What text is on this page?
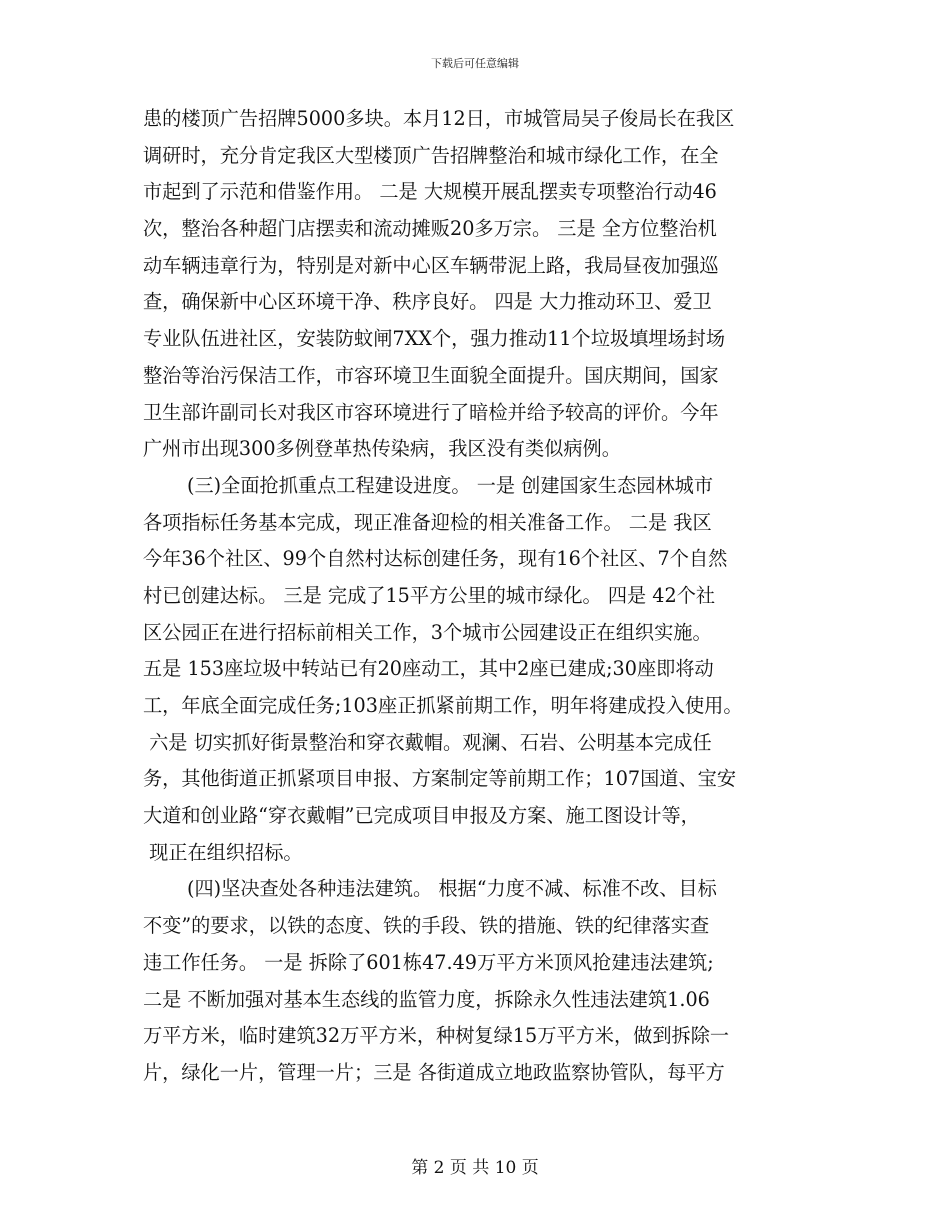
下载后可任意编辑
患的楼顶广告招牌5000多块。本月12日，市城管局吴子俊局长在我区
调研时，充分肯定我区大型楼顶广告招牌整治和城市绿化工作，在全
市起到了示范和借鉴作用。 二是 大规模开展乱摆卖专项整治行动46
次，整治各种超门店摆卖和流动摊贩20多万宗。 三是 全方位整治机
动车辆违章行为，特别是对新中心区车辆带泥上路，我局昼夜加强巡
查，确保新中心区环境干净、秩序良好。 四是 大力推动环卫、爱卫
专业队伍进社区，安装防蚊闸7XX个，强力推动11个垃圾填埋场封场
整治等治污保洁工作，市容环境卫生面貌全面提升。国庆期间，国家
卫生部许副司长对我区市容环境进行了暗检并给予较高的评价。今年
广州市出现300多例登革热传染病，我区没有类似病例。
(三)全面抢抓重点工程建设进度。 一是 创建国家生态园林城市
各项指标任务基本完成，现正准备迎检的相关准备工作。 二是 我区
今年36个社区、99个自然村达标创建任务，现有16个社区、7个自然
村已创建达标。 三是 完成了15平方公里的城市绿化。 四是 42个社
区公园正在进行招标前相关工作，3个城市公园建设正在组织实施。
五是 153座垃圾中转站已有20座动工，其中2座已建成;30座即将动
工，年底全面完成任务;103座正抓紧前期工作，明年将建成投入使用。
六是 切实抓好街景整治和穿衣戴帽。观澜、石岩、公明基本完成任
务，其他街道正抓紧项目申报、方案制定等前期工作；107国道、宝安
大道和创业路“穿衣戴帽”已完成项目申报及方案、施工图设计等，
现正在组织招标。
(四)坚决查处各种违法建筑。 根据“力度不减、标准不改、目标
不变”的要求，以铁的态度、铁的手段、铁的措施、铁的纪律落实查
违工作任务。 一是 拆除了601栋47.49万平方米顶风抢建违法建筑;
二是 不断加强对基本生态线的监管力度，拆除永久性违法建筑1.06
万平方米，临时建筑32万平方米，种树复绿15万平方米，做到拆除一
片，绿化一片，管理一片；三是 各街道成立地政监察协管队，每平方
第 2 页 共 10 页
